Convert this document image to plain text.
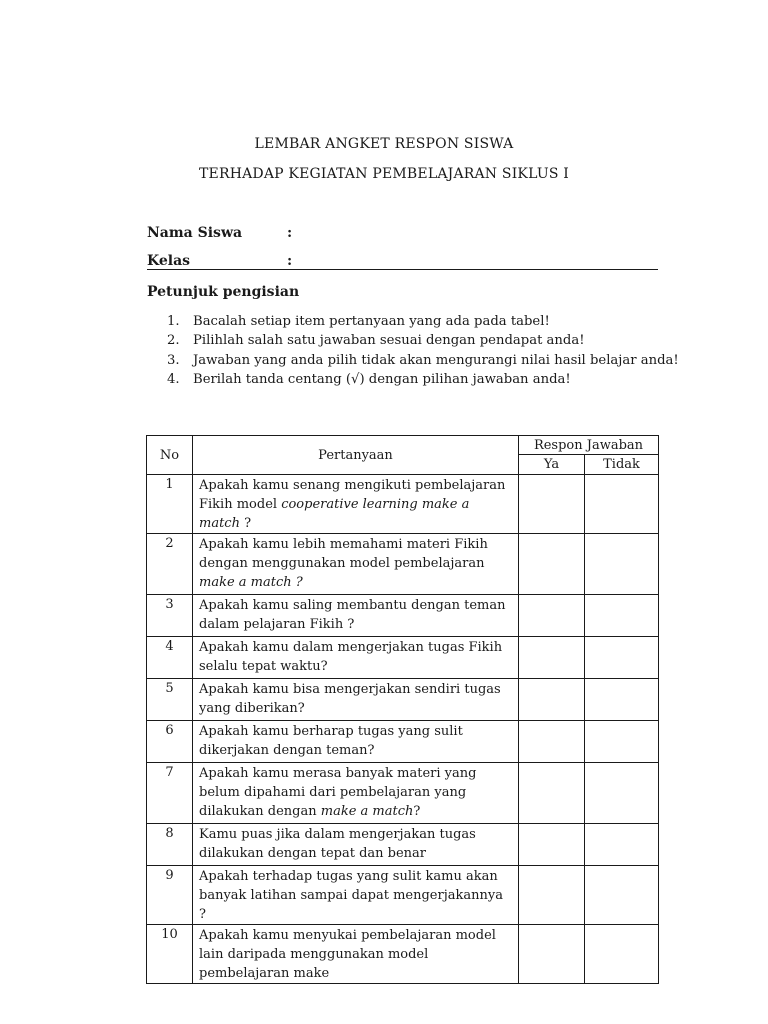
LEMBAR ANGKET RESPON SISWA
TERHADAP KEGIATAN PEMBELAJARAN SIKLUS I
Nama Siswa	:
Kelas	:
Petunjuk pengisian
1. Bacalah setiap item pertanyaan yang ada pada tabel!
2. Pilihlah salah satu jawaban sesuai dengan pendapat anda!
3. Jawaban yang anda pilih tidak akan mengurangi nilai hasil belajar anda!
4. Berilah tanda centang (√) dengan pilihan jawaban anda!
No	Pertanyaan	Respon Jawaban	
		Ya	Tidak
1	Apakah kamu senang mengikuti pembelajaran Fikih model cooperative learning make a match ?		
2	Apakah kamu lebih memahami materi Fikih dengan menggunakan model pembelajaran make a match ?		
3	Apakah kamu saling membantu dengan teman dalam pelajaran Fikih ?		
4	Apakah kamu dalam mengerjakan tugas Fikih selalu tepat waktu?		
5	Apakah kamu bisa mengerjakan sendiri tugas yang diberikan?		
6	Apakah kamu berharap tugas yang sulit dikerjakan dengan teman?		
7	Apakah kamu merasa banyak materi yang belum dipahami dari pembelajaran yang dilakukan dengan make a match?		
8	Kamu puas jika dalam mengerjakan tugas dilakukan dengan tepat dan benar		
9	Apakah terhadap tugas yang sulit kamu akan banyak latihan sampai dapat mengerjakannya ?		
10	Apakah kamu menyukai pembelajaran model lain daripada menggunakan model pembelajaran make		
